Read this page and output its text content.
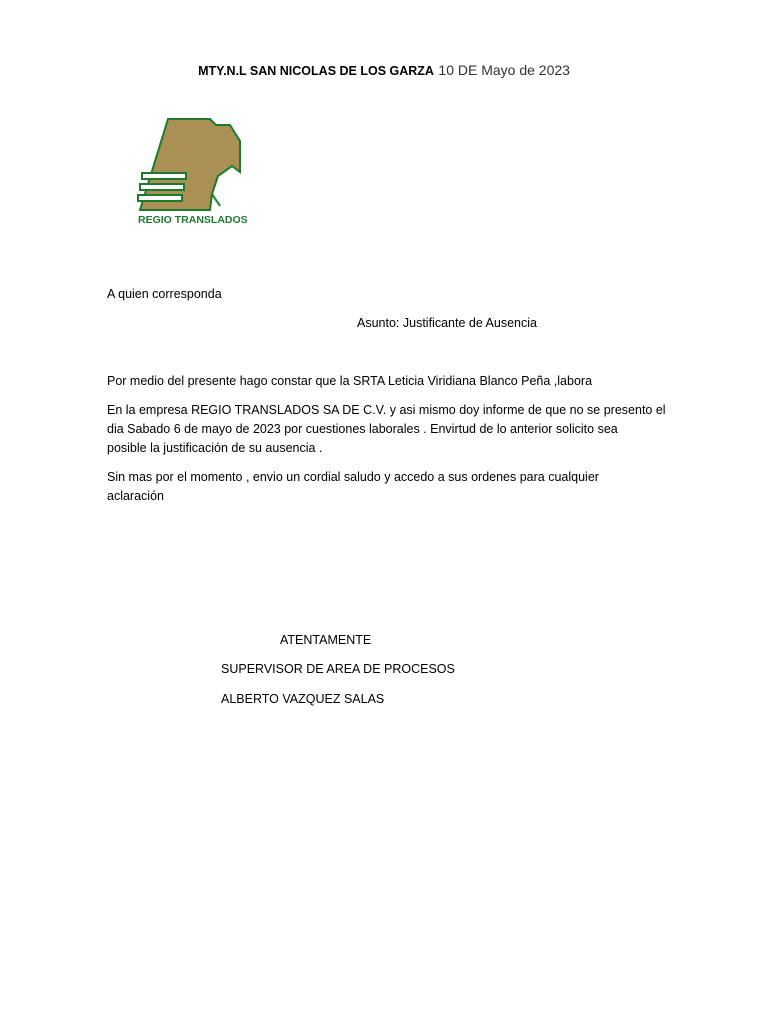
MTY.N.L SAN NICOLAS DE LOS GARZA 10 DE Mayo de 2023
REGIO TRANSLADOS
A quien corresponda
Asunto: Justificante de Ausencia
Por medio del presente hago constar que la SRTA Leticia Viridiana Blanco Peña ,labora
En la empresa REGIO TRANSLADOS SA DE C.V. y asi mismo doy informe de que no se presento el
dia Sabado 6 de mayo de 2023 por cuestiones laborales . Envirtud de lo anterior solicito sea
posible la justificación de su ausencia .
Sin mas por el momento , envio un cordial saludo y accedo a sus ordenes para cualquier
aclaración
ATENTAMENTE
SUPERVISOR DE AREA DE PROCESOS
ALBERTO VAZQUEZ SALAS
